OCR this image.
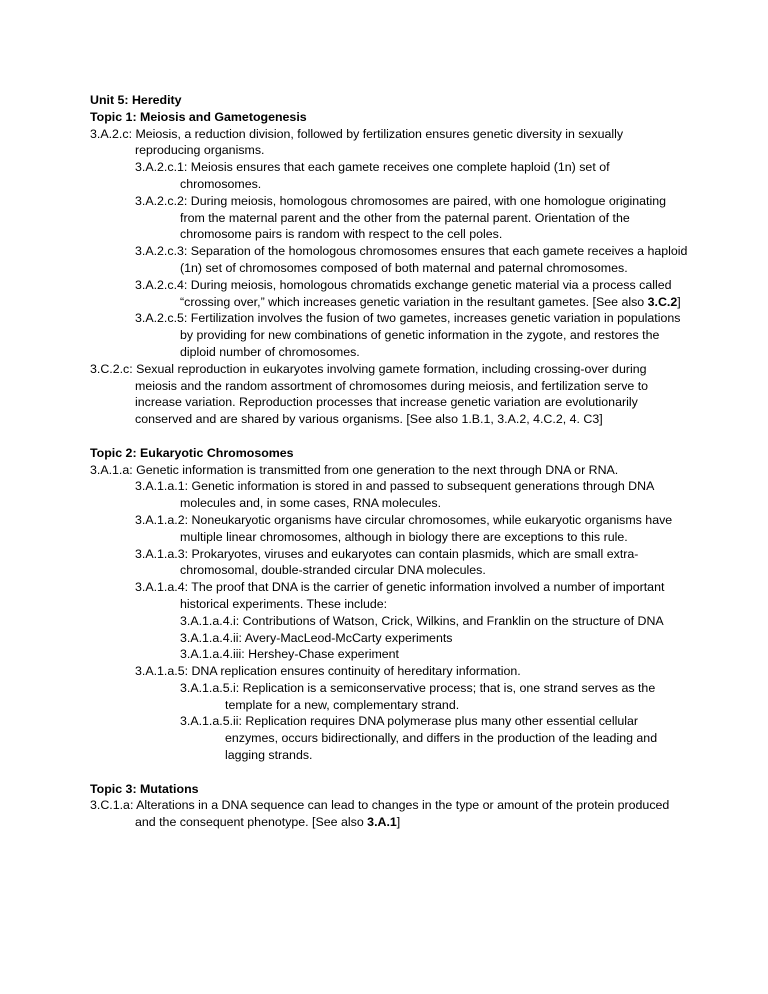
Unit 5: Heredity
Topic 1: Meiosis and Gametogenesis
3.A.2.c: Meiosis, a reduction division, followed by fertilization ensures genetic diversity in sexually reproducing organisms.
3.A.2.c.1: Meiosis ensures that each gamete receives one complete haploid (1n) set of chromosomes.
3.A.2.c.2: During meiosis, homologous chromosomes are paired, with one homologue originating from the maternal parent and the other from the paternal parent. Orientation of the chromosome pairs is random with respect to the cell poles.
3.A.2.c.3: Separation of the homologous chromosomes ensures that each gamete receives a haploid (1n) set of chromosomes composed of both maternal and paternal chromosomes.
3.A.2.c.4: During meiosis, homologous chromatids exchange genetic material via a process called “crossing over,” which increases genetic variation in the resultant gametes. [See also 3.C.2]
3.A.2.c.5: Fertilization involves the fusion of two gametes, increases genetic variation in populations by providing for new combinations of genetic information in the zygote, and restores the diploid number of chromosomes.
3.C.2.c: Sexual reproduction in eukaryotes involving gamete formation, including crossing-over during meiosis and the random assortment of chromosomes during meiosis, and fertilization serve to increase variation. Reproduction processes that increase genetic variation are evolutionarily conserved and are shared by various organisms. [See also 1.B.1, 3.A.2, 4.C.2, 4. C3]
Topic 2: Eukaryotic Chromosomes
3.A.1.a: Genetic information is transmitted from one generation to the next through DNA or RNA.
3.A.1.a.1: Genetic information is stored in and passed to subsequent generations through DNA molecules and, in some cases, RNA molecules.
3.A.1.a.2: Noneukaryotic organisms have circular chromosomes, while eukaryotic organisms have multiple linear chromosomes, although in biology there are exceptions to this rule.
3.A.1.a.3: Prokaryotes, viruses and eukaryotes can contain plasmids, which are small extra-chromosomal, double-stranded circular DNA molecules.
3.A.1.a.4: The proof that DNA is the carrier of genetic information involved a number of important historical experiments. These include:
3.A.1.a.4.i: Contributions of Watson, Crick, Wilkins, and Franklin on the structure of DNA
3.A.1.a.4.ii: Avery-MacLeod-McCarty experiments
3.A.1.a.4.iii: Hershey-Chase experiment
3.A.1.a.5: DNA replication ensures continuity of hereditary information.
3.A.1.a.5.i: Replication is a semiconservative process; that is, one strand serves as the template for a new, complementary strand.
3.A.1.a.5.ii: Replication requires DNA polymerase plus many other essential cellular enzymes, occurs bidirectionally, and differs in the production of the leading and lagging strands.
Topic 3: Mutations
3.C.1.a: Alterations in a DNA sequence can lead to changes in the type or amount of the protein produced and the consequent phenotype. [See also 3.A.1]
